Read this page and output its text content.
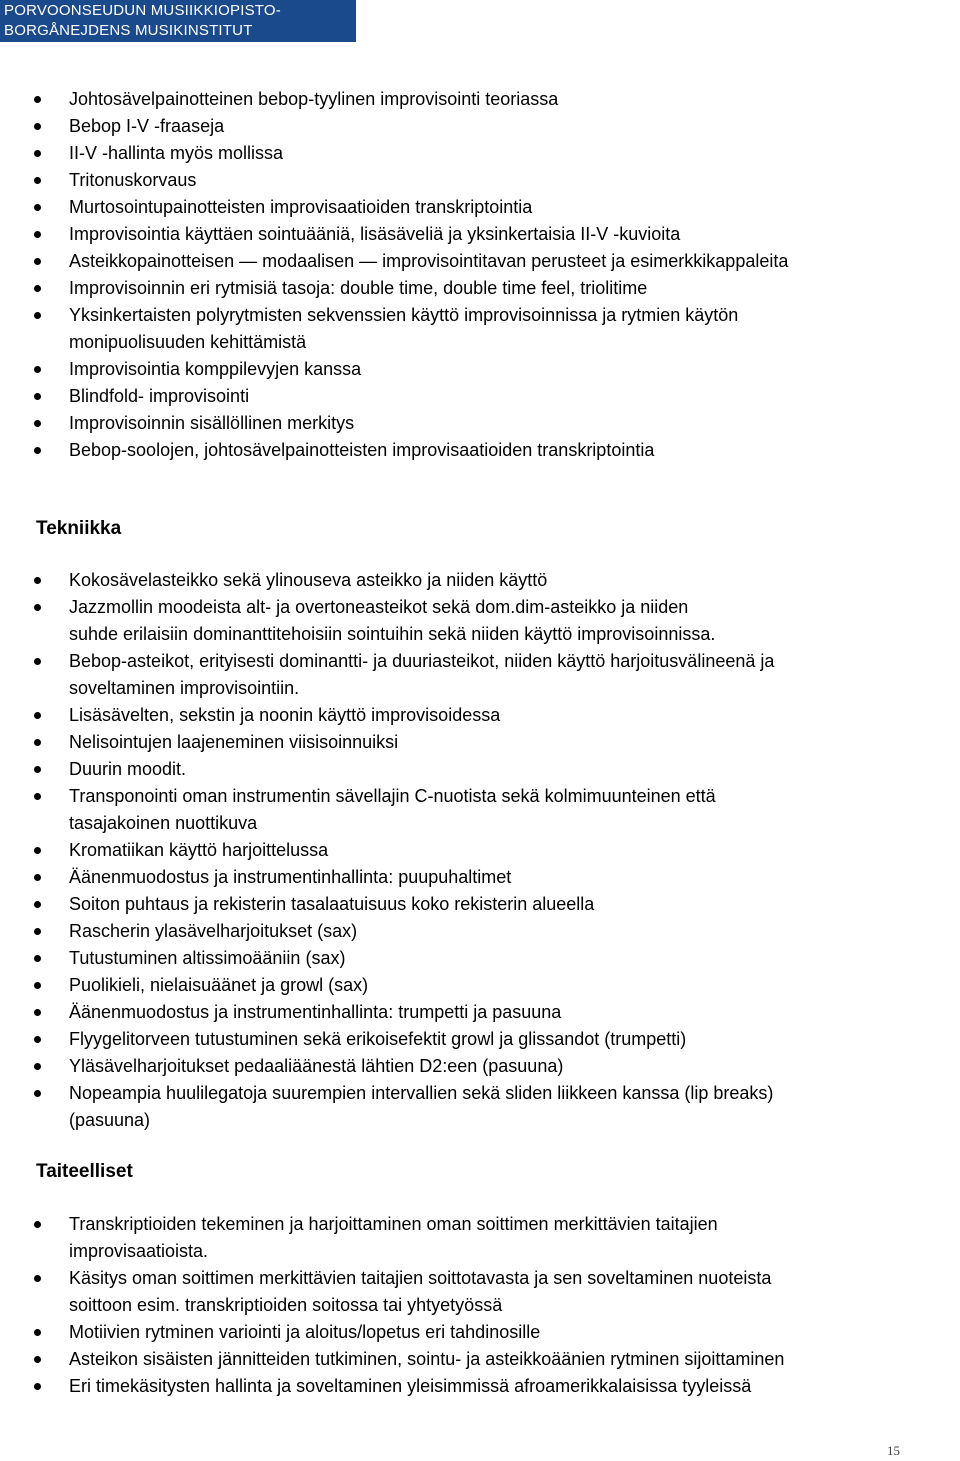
PORVOONSEUDUN MUSIIKKIOPISTO-
BORGÅNEJDENS MUSIKINSTITUT
Johtosävelpainotteinen bebop-tyylinen improvisointi teoriassa
Bebop I-V -fraaseja
II-V -hallinta myös mollissa
Tritonuskorvaus
Murtosointupainotteisten improvisaatioiden transkriptointia
Improvisointia käyttäen sointuääniä, lisäsäveliä ja yksinkertaisia II-V -kuvioita
Asteikkopainotteisen — modaalisen — improvisointitavan perusteet ja esimerkkikappaleita
Improvisoinnin eri rytmisiä tasoja: double time, double time feel, triolitime
Yksinkertaisten polyrytmisten sekvenssien käyttö improvisoinnissa ja rytmien käytön
monipuolisuuden kehittämistä
Improvisointia komppilevyjen kanssa
Blindfold- improvisointi
Improvisoinnin sisällöllinen merkitys
Bebop-soolojen, johtosävelpainotteisten improvisaatioiden transkriptointia
Tekniikka
Kokosävelasteikko sekä ylinouseva asteikko ja niiden käyttö
Jazzmollin moodeista alt- ja overtoneasteikot sekä dom.dim-asteikko ja niiden
suhde erilaisiin dominanttitehoisiin sointuihin sekä niiden käyttö improvisoinnissa.
Bebop-asteikot, erityisesti dominantti- ja duuriasteikot, niiden käyttö harjoitusvälineenä ja
soveltaminen improvisointiin.
Lisäsävelten, sekstin ja noonin käyttö improvisoidessa
Nelisointujen laajeneminen viisisoinnuiksi
Duurin moodit.
Transponointi oman instrumentin sävellajin C-nuotista sekä kolmimuunteinen että
tasajakoinen nuottikuva
Kromatiikan käyttö harjoittelussa
Äänenmuodostus ja instrumentinhallinta: puupuhaltimet
Soiton puhtaus ja rekisterin tasalaatuisuus koko rekisterin alueella
Rascherin ylasävelharjoitukset (sax)
Tutustuminen altissimoääniin (sax)
Puolikieli, nielaisuäänet ja growl (sax)
Äänenmuodostus ja instrumentinhallinta: trumpetti ja pasuuna
Flyygelitorveen tutustuminen sekä erikoisefektit growl ja glissandot (trumpetti)
Yläsävelharjoitukset pedaaliäänestä lähtien D2:een (pasuuna)
Nopeampia huulilegatoja suurempien intervallien sekä sliden liikkeen kanssa (lip breaks)
(pasuuna)
Taiteelliset
Transkriptioiden tekeminen ja harjoittaminen oman soittimen merkittävien taitajien
improvisaatioista.
Käsitys oman soittimen merkittävien taitajien soittotavasta ja sen soveltaminen nuoteista
soittoon esim. transkriptioiden soitossa tai yhtyetyössä
Motiivien rytminen variointi ja aloitus/lopetus eri tahdinosille
Asteikon sisäisten jännitteiden tutkiminen, sointu- ja asteikkoäänien rytminen sijoittaminen
Eri timekäsitysten hallinta ja soveltaminen yleisimmissä afroamerikkalaisissa tyyleissä
15
